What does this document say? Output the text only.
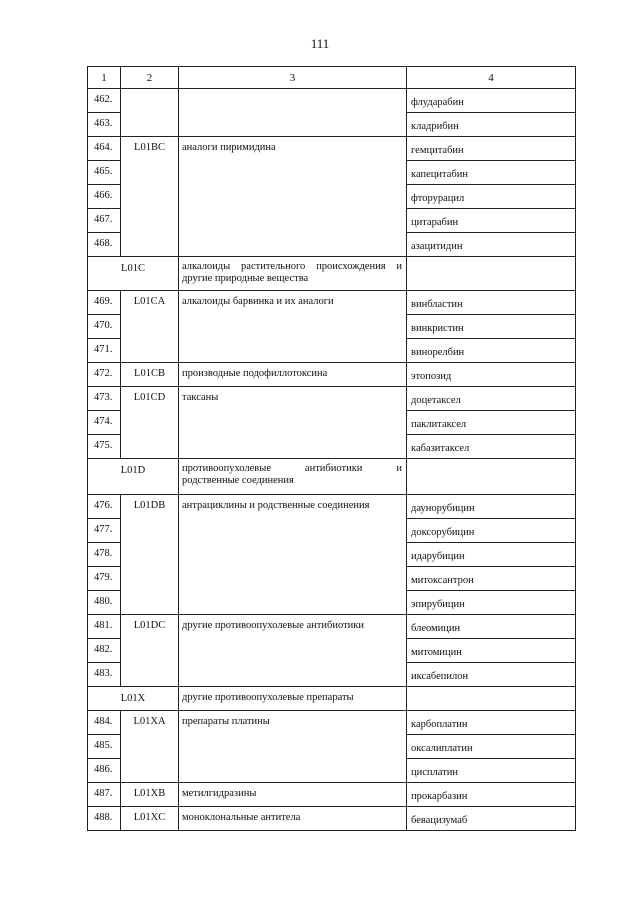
111
1	2	3	4
462.			флударабин
463.			кладрибин
464.	L01BC	аналоги пиримидина	гемцитабин
465.			капецитабин
466.			фторурацил
467.			цитарабин
468.			азацитидин
L01C		алкалоиды растительного происхождения и
другие природные вещества	

469.	L01CA	алкалоиды барвинка и их аналоги	винбластин
470.			винкристин
471.			винорелбин
472.	L01CB	производные подофиллотоксина	этопозид
473.	L01CD	таксаны	доцетаксел
474.			паклитаксел
475.			кабазитаксел
L01D		противоопухолевые антибиотики и
родственные соединения	

476.	L01DB	антрациклины и родственные соединения	даунорубицин
477.			доксорубицин
478.			идарубицин
479.			митоксантрон
480.			эпирубицин
481.	L01DC	другие противоопухолевые антибиотики	блеомицин
482.			митомицин
483.			иксабепилон
L01X		другие противоопухолевые препараты	
484.	L01XA	препараты платины	карбоплатин
485.			оксалиплатин
486.			цисплатин
487.	L01XB	метилгидразины	прокарбазин
488.	L01XC	моноклональные антитела	бевацизумаб
